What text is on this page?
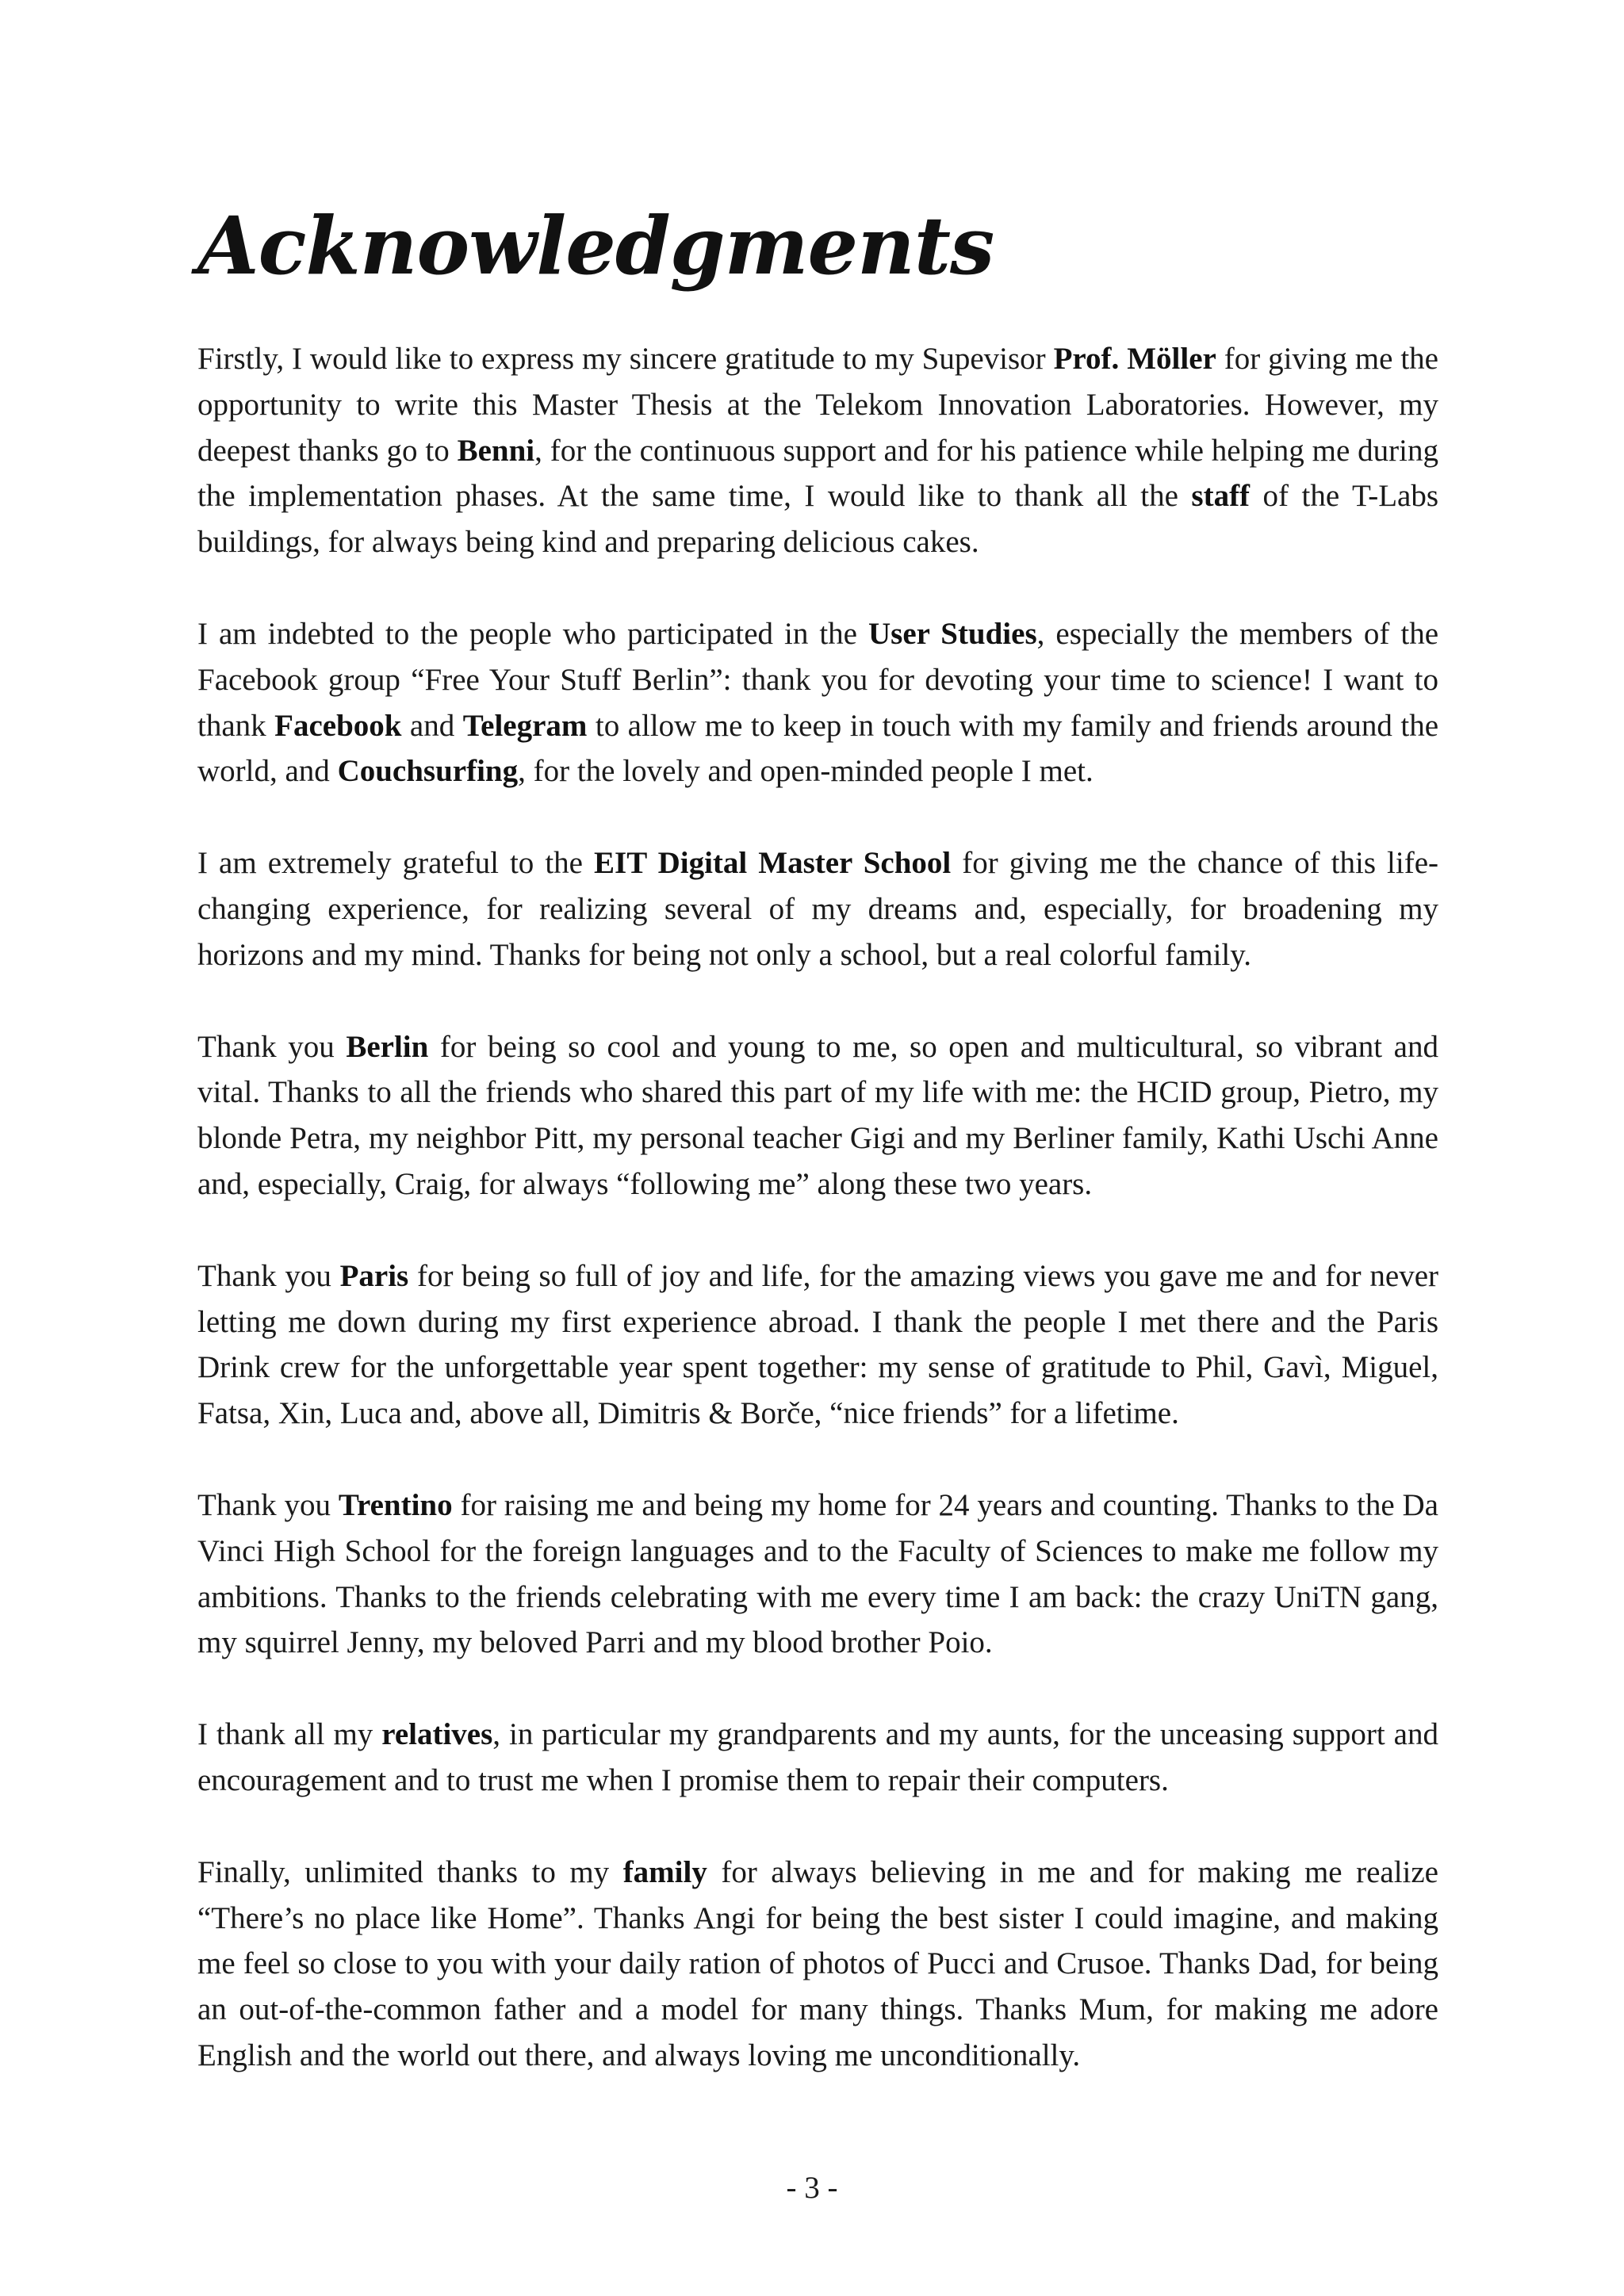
Acknowledgments

Firstly, I would like to express my sincere gratitude to my Supevisor Prof. Möller for giving me the opportunity to write this Master Thesis at the Telekom Innovation Laboratories. However, my deepest thanks go to Benni, for the continuous support and for his patience while helping me during the implementation phases. At the same time, I would like to thank all the staff of the T-Labs buildings, for always being kind and preparing delicious cakes.

I am indebted to the people who participated in the User Studies, especially the members of the Facebook group “Free Your Stuff Berlin”: thank you for devoting your time to science! I want to thank Facebook and Telegram to allow me to keep in touch with my family and friends around the world, and Couchsurfing, for the lovely and open-minded people I met.

I am extremely grateful to the EIT Digital Master School for giving me the chance of this life-changing experience, for realizing several of my dreams and, especially, for broadening my horizons and my mind. Thanks for being not only a school, but a real colorful family.

Thank you Berlin for being so cool and young to me, so open and multicultural, so vibrant and vital. Thanks to all the friends who shared this part of my life with me: the HCID group, Pietro, my blonde Petra, my neighbor Pitt, my personal teacher Gigi and my Berliner family, Kathi Uschi Anne and, especially, Craig, for always “following me” along these two years.

Thank you Paris for being so full of joy and life, for the amazing views you gave me and for never letting me down during my first experience abroad. I thank the people I met there and the Paris Drink crew for the unforgettable year spent together: my sense of gratitude to Phil, Gavì, Miguel, Fatsa, Xin, Luca and, above all, Dimitris & Borče, “nice friends” for a lifetime.

Thank you Trentino for raising me and being my home for 24 years and counting. Thanks to the Da Vinci High School for the foreign languages and to the Faculty of Sciences to make me follow my ambitions. Thanks to the friends celebrating with me every time I am back: the crazy UniTN gang, my squirrel Jenny, my beloved Parri and my blood brother Poio.

I thank all my relatives, in particular my grandparents and my aunts, for the unceasing support and encouragement and to trust me when I promise them to repair their computers.

Finally, unlimited thanks to my family for always believing in me and for making me realize “There’s no place like Home”. Thanks Angi for being the best sister I could imagine, and making me feel so close to you with your daily ration of photos of Pucci and Crusoe. Thanks Dad, for being an out-of-the-common father and a model for many things. Thanks Mum, for making me adore English and the world out there, and always loving me unconditionally.

- 3 -
